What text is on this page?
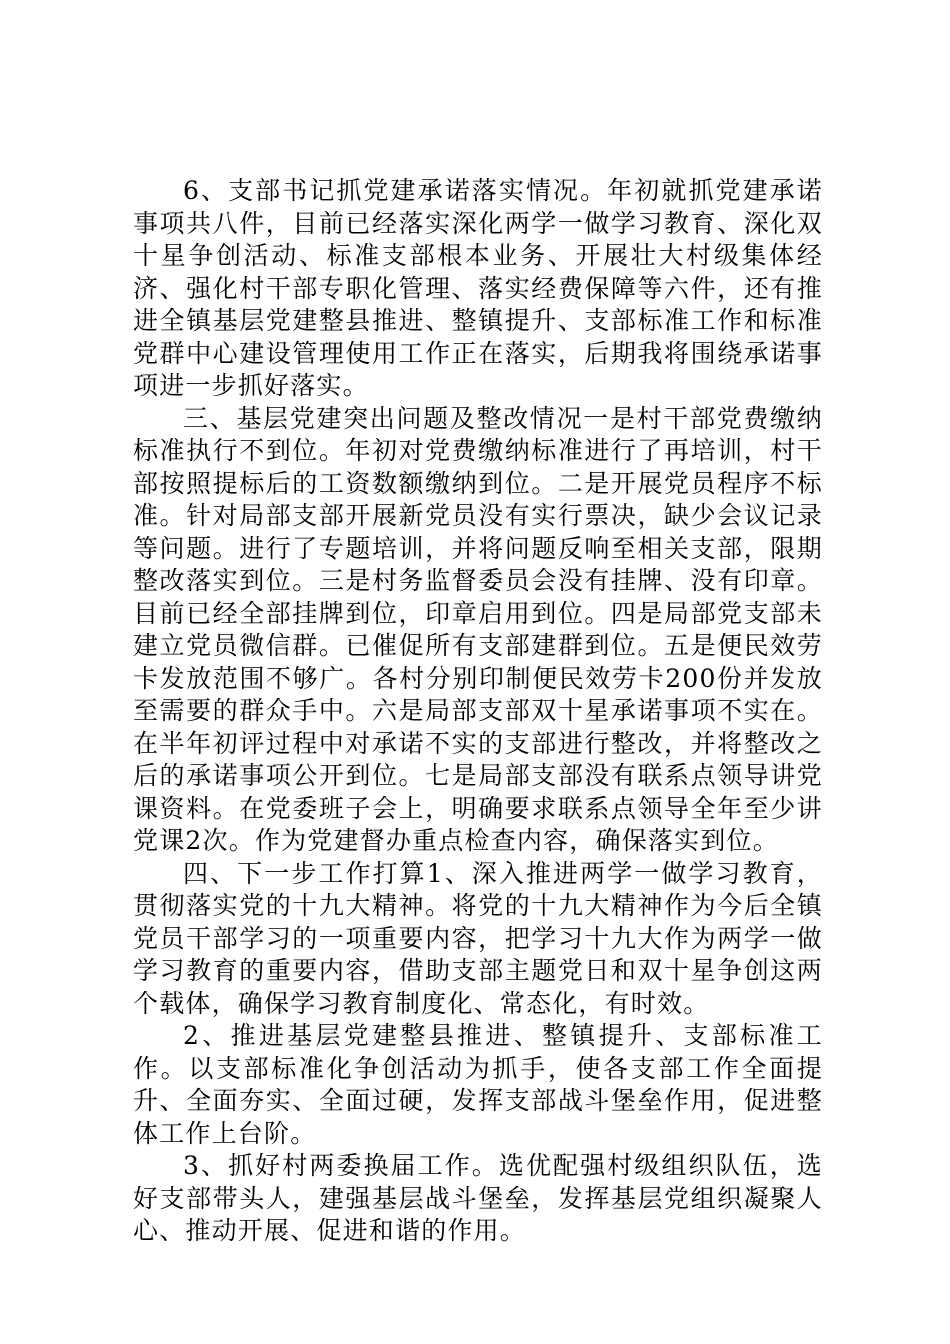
6、支部书记抓党建承诺落实情况。年初就抓党建承诺事项共八件，目前已经落实深化两学一做学习教育、深化双十星争创活动、标准支部根本业务、开展壮大村级集体经济、强化村干部专职化管理、落实经费保障等六件，还有推进全镇基层党建整县推进、整镇提升、支部标准工作和标准党群中心建设管理使用工作正在落实，后期我将围绕承诺事项进一步抓好落实。

三、基层党建突出问题及整改情况一是村干部党费缴纳标准执行不到位。年初对党费缴纳标准进行了再培训，村干部按照提标后的工资数额缴纳到位。二是开展党员程序不标准。针对局部支部开展新党员没有实行票决，缺少会议记录等问题。进行了专题培训，并将问题反响至相关支部，限期整改落实到位。三是村务监督委员会没有挂牌、没有印章。目前已经全部挂牌到位，印章启用到位。四是局部党支部未建立党员微信群。已催促所有支部建群到位。五是便民效劳卡发放范围不够广。各村分别印制便民效劳卡200份并发放至需要的群众手中。六是局部支部双十星承诺事项不实在。在半年初评过程中对承诺不实的支部进行整改，并将整改之后的承诺事项公开到位。七是局部支部没有联系点领导讲党课资料。在党委班子会上，明确要求联系点领导全年至少讲党课2次。作为党建督办重点检查内容，确保落实到位。

四、下一步工作打算1、深入推进两学一做学习教育，贯彻落实党的十九大精神。将党的十九大精神作为今后全镇党员干部学习的一项重要内容，把学习十九大作为两学一做学习教育的重要内容，借助支部主题党日和双十星争创这两个载体，确保学习教育制度化、常态化，有时效。

2、推进基层党建整县推进、整镇提升、支部标准工作。以支部标准化争创活动为抓手，使各支部工作全面提升、全面夯实、全面过硬，发挥支部战斗堡垒作用，促进整体工作上台阶。

3、抓好村两委换届工作。选优配强村级组织队伍，选好支部带头人，建强基层战斗堡垒，发挥基层党组织凝聚人心、推动开展、促进和谐的作用。
